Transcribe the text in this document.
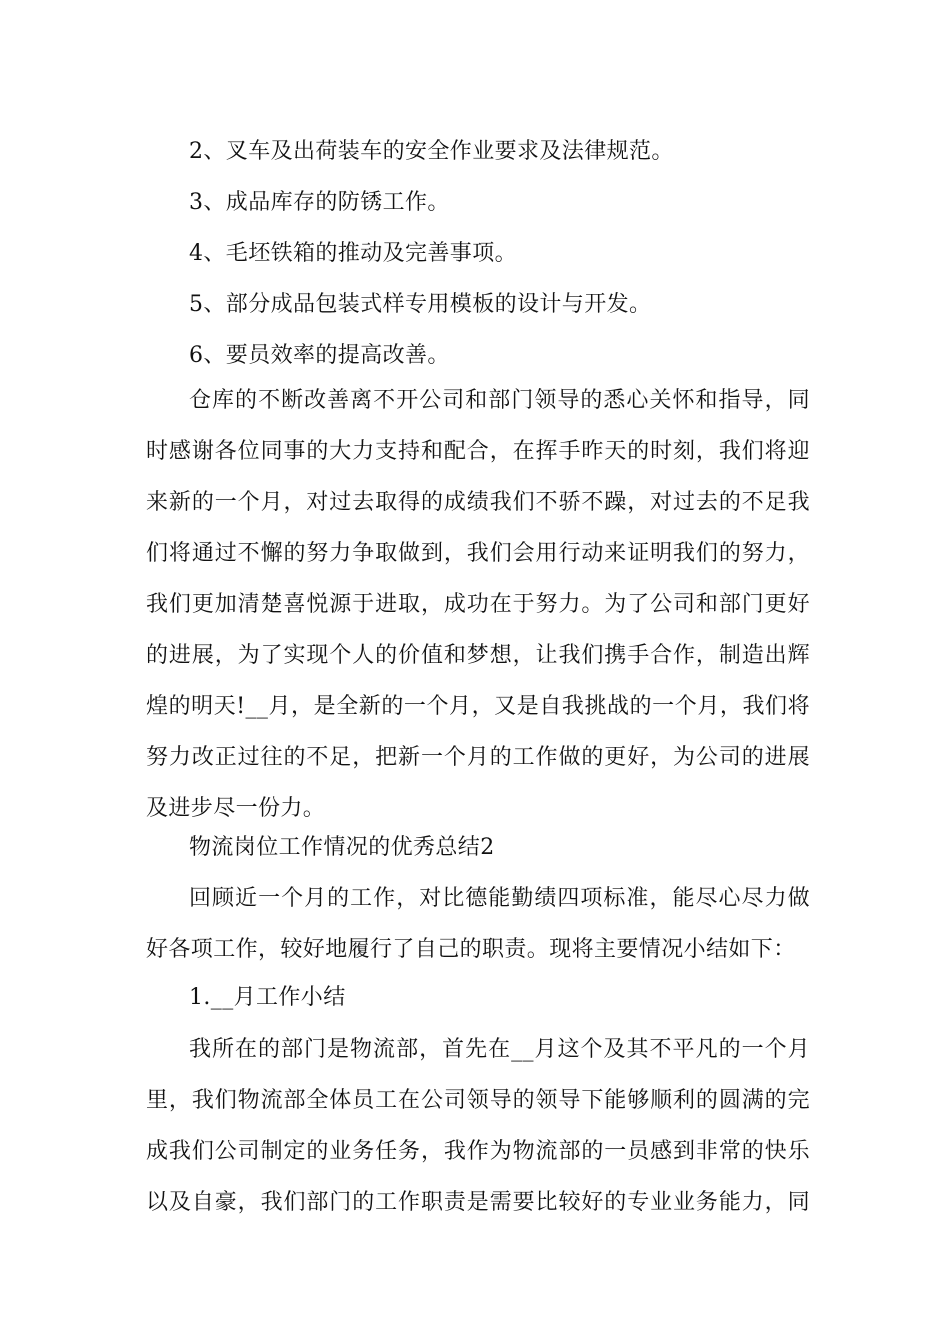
2、叉车及出荷装车的安全作业要求及法律规范。
3、成品库存的防锈工作。
4、毛坯铁箱的推动及完善事项。
5、部分成品包装式样专用模板的设计与开发。
6、要员效率的提高改善。
仓库的不断改善离不开公司和部门领导的悉心关怀和指导，同
时感谢各位同事的大力支持和配合，在挥手昨天的时刻，我们将迎
来新的一个月，对过去取得的成绩我们不骄不躁，对过去的不足我
们将通过不懈的努力争取做到，我们会用行动来证明我们的努力，
我们更加清楚喜悦源于进取，成功在于努力。为了公司和部门更好
的进展，为了实现个人的价值和梦想，让我们携手合作，制造出辉
煌的明天!__月，是全新的一个月，又是自我挑战的一个月，我们将
努力改正过往的不足，把新一个月的工作做的更好，为公司的进展
及进步尽一份力。
物流岗位工作情况的优秀总结2
回顾近一个月的工作，对比德能勤绩四项标准，能尽心尽力做
好各项工作，较好地履行了自己的职责。现将主要情况小结如下：
1.__月工作小结
我所在的部门是物流部，首先在__月这个及其不平凡的一个月
里，我们物流部全体员工在公司领导的领导下能够顺利的圆满的完
成我们公司制定的业务任务，我作为物流部的一员感到非常的快乐
以及自豪，我们部门的工作职责是需要比较好的专业业务能力，同
